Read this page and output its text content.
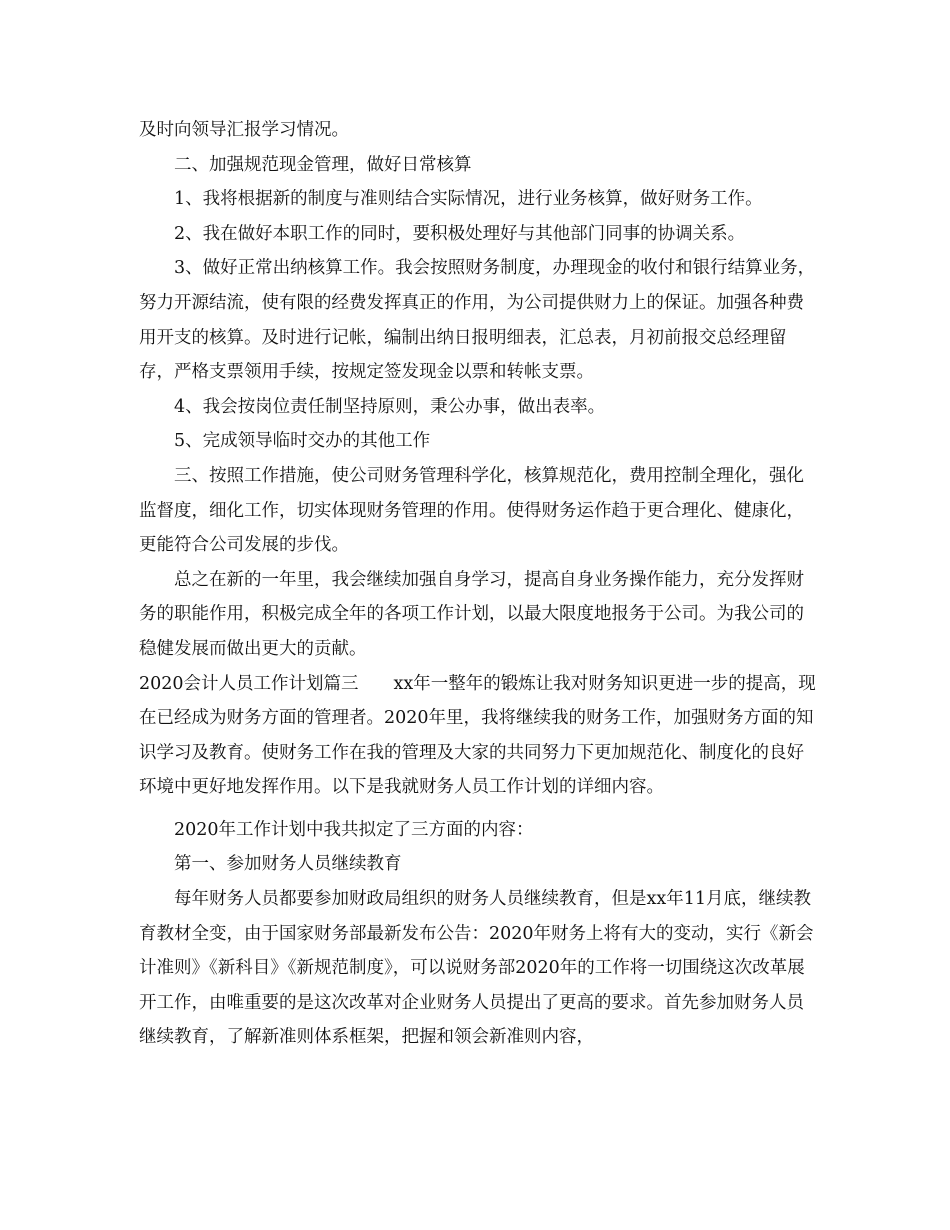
及时向领导汇报学习情况。

二、加强规范现金管理，做好日常核算

1、我将根据新的制度与准则结合实际情况，进行业务核算，做好财务工作。

2、我在做好本职工作的同时，要积极处理好与其他部门同事的协调关系。

3、做好正常出纳核算工作。我会按照财务制度，办理现金的收付和银行结算业务，努力开源结流，使有限的经费发挥真正的作用，为公司提供财力上的保证。加强各种费用开支的核算。及时进行记帐，编制出纳日报明细表，汇总表，月初前报交总经理留存，严格支票领用手续，按规定签发现金以票和转帐支票。

4、我会按岗位责任制坚持原则，秉公办事，做出表率。

5、完成领导临时交办的其他工作

三、按照工作措施，使公司财务管理科学化，核算规范化，费用控制全理化，强化监督度，细化工作，切实体现财务管理的作用。使得财务运作趋于更合理化、健康化，更能符合公司发展的步伐。

总之在新的一年里，我会继续加强自身学习，提高自身业务操作能力，充分发挥财务的职能作用，积极完成全年的各项工作计划，以最大限度地报务于公司。为我公司的稳健发展而做出更大的贡献。

2020会计人员工作计划篇三　　xx年一整年的锻炼让我对财务知识更进一步的提高，现在已经成为财务方面的管理者。2020年里，我将继续我的财务工作，加强财务方面的知识学习及教育。使财务工作在我的管理及大家的共同努力下更加规范化、制度化的良好环境中更好地发挥作用。以下是我就财务人员工作计划的详细内容。

2020年工作计划中我共拟定了三方面的内容：

第一、参加财务人员继续教育

每年财务人员都要参加财政局组织的财务人员继续教育，但是xx年11月底，继续教育教材全变，由于国家财务部最新发布公告：2020年财务上将有大的变动，实行《新会计准则》《新科目》《新规范制度》，可以说财务部2020年的工作将一切围绕这次改革展开工作，由唯重要的是这次改革对企业财务人员提出了更高的要求。首先参加财务人员继续教育，了解新准则体系框架，把握和领会新准则内容，
